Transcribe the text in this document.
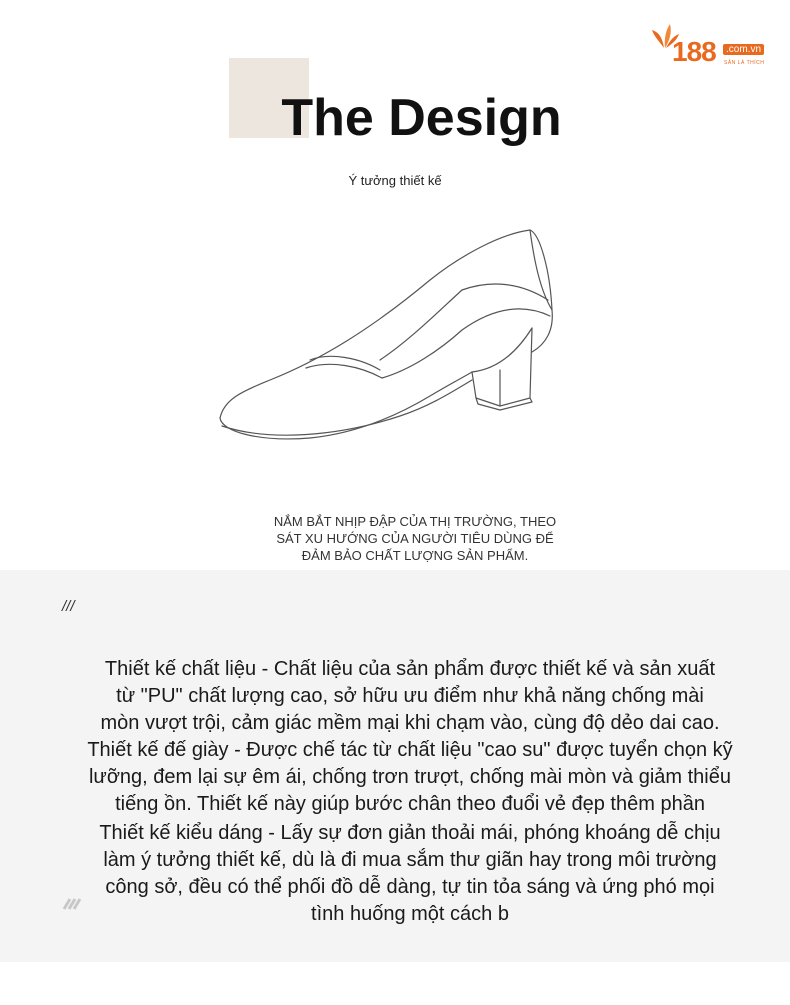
188	.com.vn
SĂN LÀ THÍCH
The Design
Ý tưởng thiết kế
NẮM BẮT NHỊP ĐẬP CỦA THỊ TRƯỜNG, THEO
SÁT XU HƯỚNG CỦA NGƯỜI TIÊU DÙNG ĐỂ
ĐẢM BẢO CHẤT LƯỢNG SẢN PHẨM.
///
Thiết kế chất liệu - Chất liệu của sản phẩm được thiết kế và sản xuất
từ "PU" chất lượng cao, sở hữu ưu điểm như khả năng chống mài
mòn vượt trội, cảm giác mềm mại khi chạm vào, cùng độ dẻo dai cao.
Thiết kế đế giày - Được chế tác từ chất liệu "cao su" được tuyển chọn kỹ
lưỡng, đem lại sự êm ái, chống trơn trượt, chống mài mòn và giảm thiểu
tiếng ồn. Thiết kế này giúp bước chân theo đuổi vẻ đẹp thêm phần
Thiết kế kiểu dáng - Lấy sự đơn giản thoải mái, phóng khoáng dễ chịu
làm ý tưởng thiết kế, dù là đi mua sắm thư giãn hay trong môi trường
công sở, đều có thể phối đồ dễ dàng, tự tin tỏa sáng và ứng phó mọi
tình huống một cách b
